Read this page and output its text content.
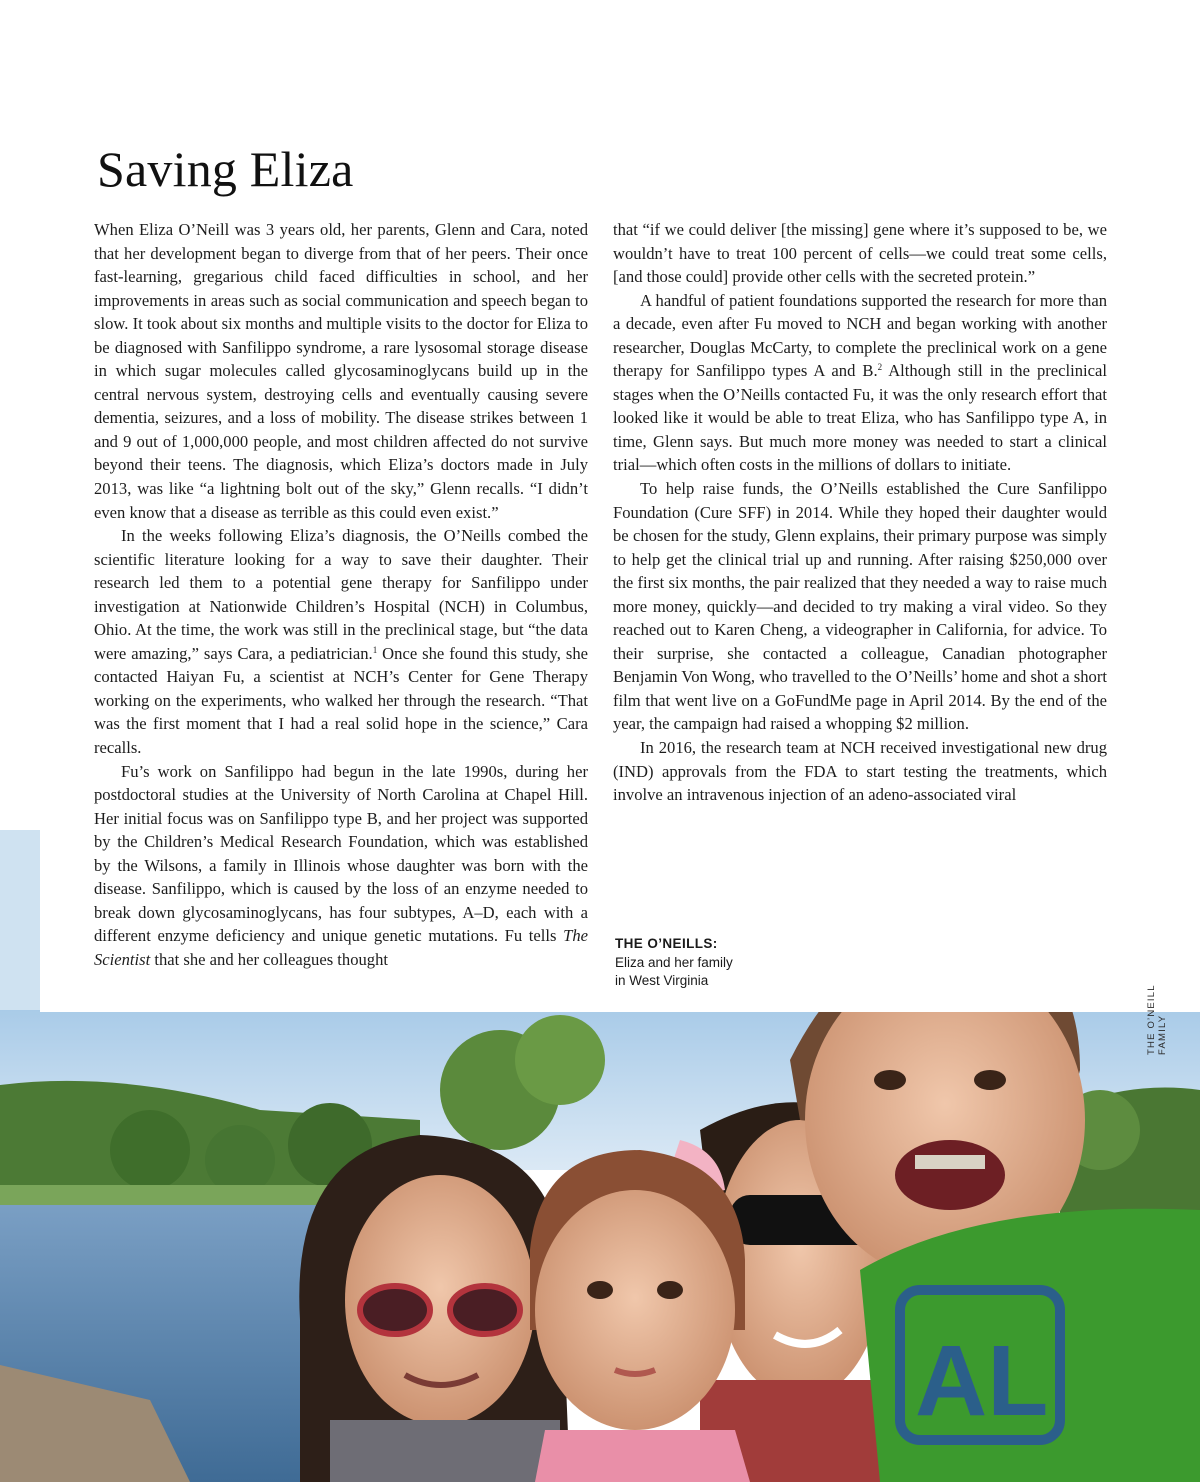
AL
Saving Eliza

When Eliza O’Neill was 3 years old, her parents, Glenn and Cara, noted that her development began to diverge from that of her peers. Their once fast-learning, gregarious child faced difficulties in school, and her improvements in areas such as social communication and speech began to slow. It took about six months and multiple visits to the doctor for Eliza to be diagnosed with Sanfilippo syndrome, a rare lysosomal storage disease in which sugar molecules called glycosaminoglycans build up in the central nervous system, destroying cells and eventually causing severe dementia, seizures, and a loss of mobility. The disease strikes between 1 and 9 out of 1,000,000 people, and most children affected do not survive beyond their teens. The diagnosis, which Eliza’s doctors made in July 2013, was like “a lightning bolt out of the sky,” Glenn recalls. “I didn’t even know that a disease as terrible as this could even exist.”

In the weeks following Eliza’s diagnosis, the O’Neills combed the scientific literature looking for a way to save their daughter. Their research led them to a potential gene therapy for Sanfilippo under investigation at Nationwide Children’s Hospital (NCH) in Columbus, Ohio. At the time, the work was still in the preclinical stage, but “the data were amazing,” says Cara, a pediatrician.$^1$ Once she found this study, she contacted Haiyan Fu, a scientist at NCH’s Center for Gene Therapy working on the experiments, who walked her through the research. “That was the first moment that I had a real solid hope in the science,” Cara recalls.

Fu’s work on Sanfilippo had begun in the late 1990s, during her postdoctoral studies at the University of North Carolina at Chapel Hill. Her initial focus was on Sanfilippo type B, and her project was supported by the Children’s Medical Research Foundation, which was established by the Wilsons, a family in Illinois whose daughter was born with the disease. Sanfilippo, which is caused by the loss of an enzyme needed to break down glycosaminoglycans, has four subtypes, A–D, each with a different enzyme deficiency and unique genetic mutations. Fu tells The Scientist that she and her colleagues thought

that “if we could deliver [the missing] gene where it’s supposed to be, we wouldn’t have to treat 100 percent of cells—we could treat some cells, [and those could] provide other cells with the secreted protein.”

A handful of patient foundations supported the research for more than a decade, even after Fu moved to NCH and began working with another researcher, Douglas McCarty, to complete the preclinical work on a gene therapy for Sanfilippo types A and B.$^2$ Although still in the preclinical stages when the O’Neills contacted Fu, it was the only research effort that looked like it would be able to treat Eliza, who has Sanfilippo type A, in time, Glenn says. But much more money was needed to start a clinical trial—which often costs in the millions of dollars to initiate.

To help raise funds, the O’Neills established the Cure Sanfilippo Foundation (Cure SFF) in 2014. While they hoped their daughter would be chosen for the study, Glenn explains, their primary purpose was simply to help get the clinical trial up and running. After raising $250,000 over the first six months, the pair realized that they needed a way to raise much more money, quickly—and decided to try making a viral video. So they reached out to Karen Cheng, a videographer in California, for advice. To their surprise, she contacted a colleague, Canadian photographer Benjamin Von Wong, who travelled to the O’Neills’ home and shot a short film that went live on a GoFundMe page in April 2014. By the end of the year, the campaign had raised a whopping $2 million.

In 2016, the research team at NCH received investigational new drug (IND) approvals from the FDA to start testing the treatments, which involve an intravenous injection of an adeno-associated viral

THE O’NEILLS:
Eliza and her family
in West Virginia
THE O’NEILL FAMILY
